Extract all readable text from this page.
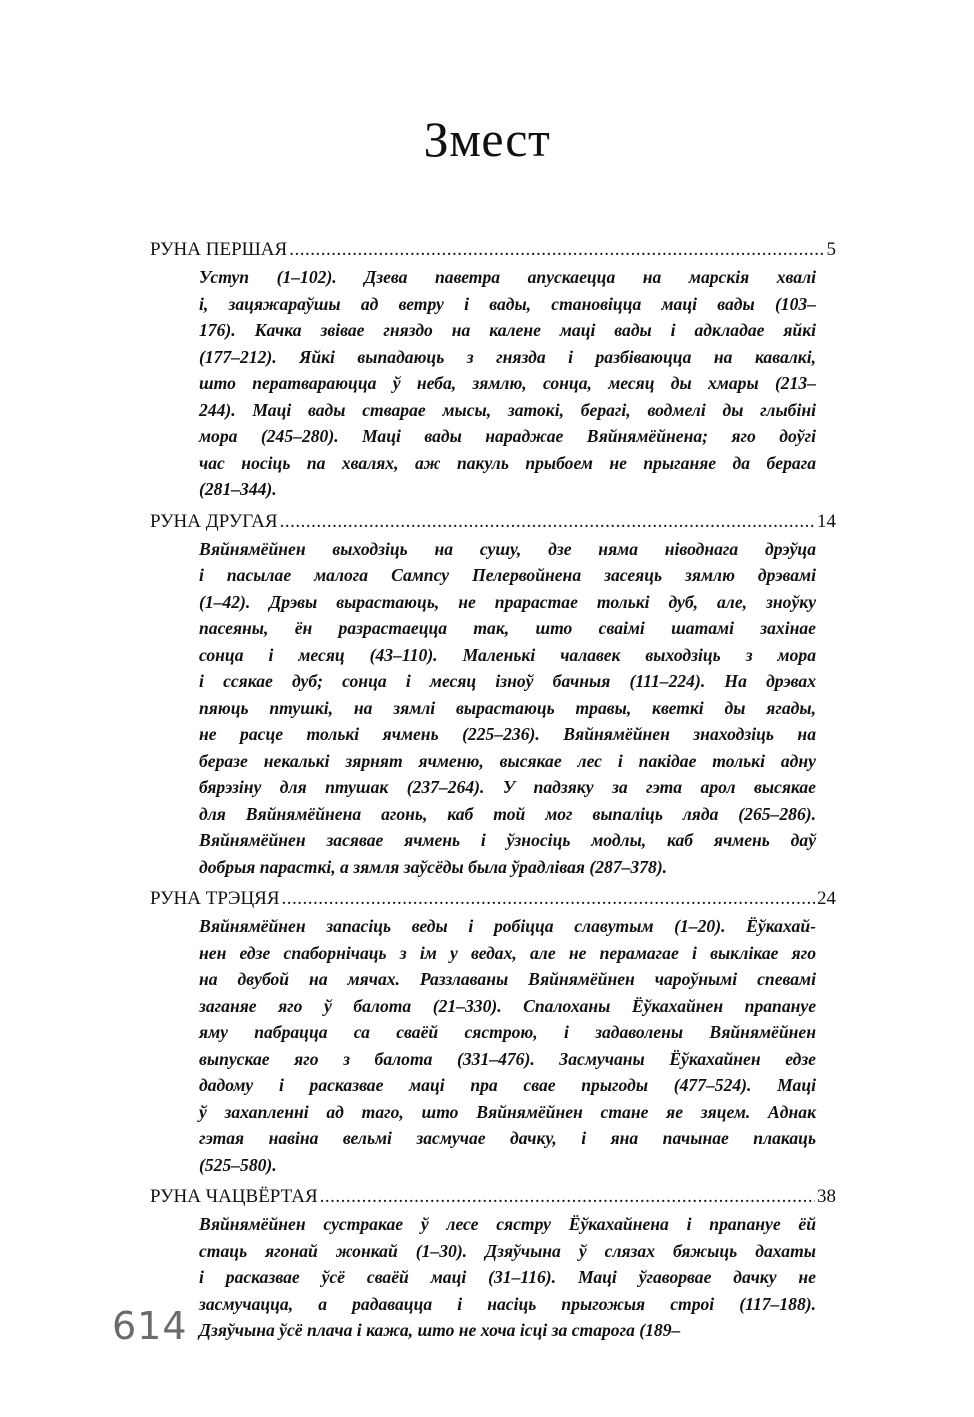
Змест
РУНА ПЕРШАЯ .....	5

Уступ (1–102). Дзева паветра апускаецца на марскія хвалі
і, зацяжараўшы ад ветру і вады, становіцца маці вады (103–
176). Качка звівае гняздо на калене маці вады і адкладае яйкі
(177–212). Яйкі выпадаюць з гнязда і разбіваюцца на кавалкі,
што ператвараюцца ў неба, зямлю, сонца, месяц ды хмары (213–
244). Маці вады стварае мысы, затокі, берагі, водмелі ды глыбіні
мора (245–280). Маці вады нараджае Вяйнямёйнена; яго доўгі
час носіць па хвалях, аж пакуль прыбоем не прыганяе да берага
(281–344).

РУНА ДРУГАЯ .....	14

Вяйнямёйнен выходзіць на сушу, дзе няма ніводнага дрэўца
і пасылае малога Сампсу Пелервойнена засеяць зямлю дрэвамі
(1–42). Дрэвы вырастаюць, не прарастае толькі дуб, але, зноўку
пасеяны, ён разрастаецца так, што сваімі шатамі захінае
сонца і месяц (43–110). Маленькі чалавек выходзіць з мора
і ссякае дуб; сонца і месяц ізноў бачныя (111–224). На дрэвах
пяюць птушкі, на зямлі вырастаюць травы, кветкі ды ягады,
не расце толькі ячмень (225–236). Вяйнямёйнен знаходзіць на
беразе некалькі зярнят ячменю, высякае лес і пакідае толькі адну
бярэзіну для птушак (237–264). У падзяку за гэта арол высякае
для Вяйнямёйнена агонь, каб той мог выпаліць ляда (265–286).
Вяйнямёйнен засявае ячмень і ўзносіць модлы, каб ячмень даў
добрыя парасткі, а зямля заўсёды была ўрадлівая (287–378).

РУНА ТРЭЦЯЯ .....	24

Вяйнямёйнен запасіць веды і робіцца славутым (1–20). Ёўкахай-
нен едзе спаборнічаць з ім у ведах, але не перамагае і выклікае яго
на двубой на мячах. Раззлаваны Вяйнямёйнен чароўнымі спевамі
заганяе яго ў балота (21–330). Спалоханы Ёўкахайнен прапануе
яму пабрацца са сваёй сястрою, і задаволены Вяйнямёйнен
выпускае яго з балота (331–476). Засмучаны Ёўкахайнен едзе
дадому і расказвае маці пра свае прыгоды (477–524). Маці
ў захапленні ад таго, што Вяйнямёйнен стане яе зяцем. Аднак
гэтая навіна вельмі засмучае дачку, і яна пачынае плакаць
(525–580).

РУНА ЧАЦВЁРТАЯ .....	38

Вяйнямёйнен сустракае ў лесе сястру Ёўкахайнена і прапануе ёй
стаць ягонай жонкай (1–30). Дзяўчына ў слязах бяжыць дахаты
і расказвае ўсё сваёй маці (31–116). Маці ўгаворвае дачку не
засмучацца, а радавацца і насіць прыгожыя строі (117–188).
Дзяўчына ўсё плача і кажа, што не хоча ісці за старога (189–

614
